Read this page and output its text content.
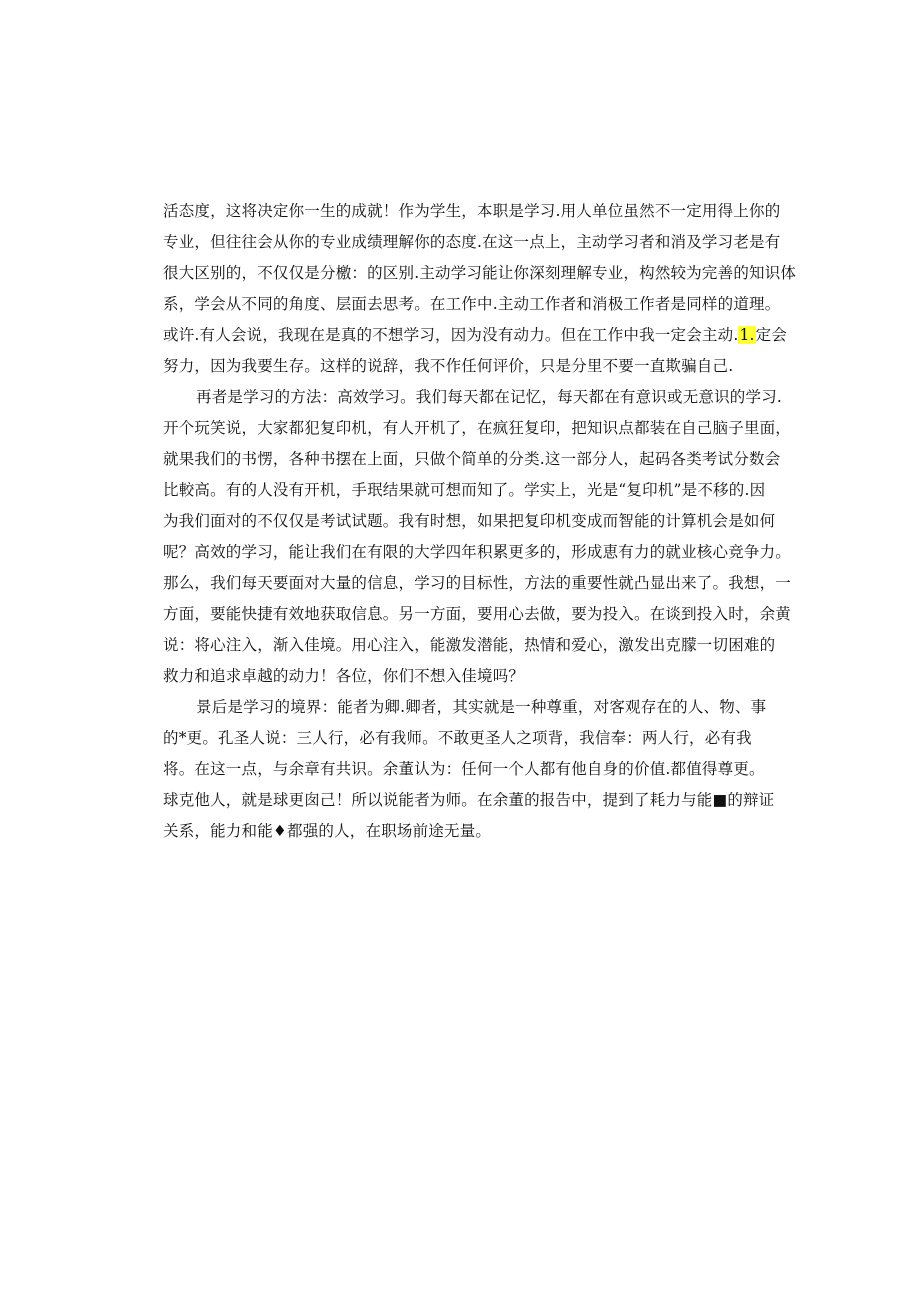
活态度，这将决定你一生的成就！作为学生，本职是学习.用人单位虽然不一定用得上你的
专业，但往往会从你的专业成绩理解你的态度.在这一点上，主动学习者和消及学习老是有
很大区别的，不仅仅是分檄：的区别.主动学习能让你深刻理解专业，构然较为完善的知识体
系，学会从不同的角度、层面去思考。在工作中.主动工作者和消极工作者是同样的道理。
或许.有人会说，我现在是真的不想学习，因为没有动力。但在工作中我一定会主动.1.定会
努力，因为我要生存。这样的说辞，我不作任何评价，只是分里不要一直欺骗自己.
再者是学习的方法：高效学习。我们每天都在记忆，每天都在有意识或无意识的学习.
开个玩笑说，大家都犯复印机，有人开机了，在疯狂复印，把知识点都装在自己脑子里面，
就果我们的书愣，各种书摆在上面，只做个简单的分类.这一部分人，起码各类考试分数会
比較高。有的人没有开机，手珉结果就可想而知了。学实上，光是“复印机”是不移的.因
为我们面对的不仅仅是考试试题。我有时想，如果把复印机变成而智能的计算机会是如何
呢？高效的学习，能让我们在有限的大学四年积累更多的，形成恵有力的就业核心竞争力。
那么，我们每天要面对大量的信息，学习的目标性，方法的重要性就凸显出来了。我想，一
方面，要能快捷有效地获取信息。另一方面，要用心去做，要为投入。在谈到投入时，余黄
说：将心注入，渐入佳境。用心注入，能激发潜能，热情和爱心，激发出克朦一切困难的
救力和追求卓越的动力！各位，你们不想入佳境吗？
景后是学习的境界：能者为卿.卿者，其实就是一种尊重，对客观存在的人、物、事
的*更。孔圣人说：三人行，必有我师。不敢更圣人之项背，我信奉：两人行，必有我
将。在这一点，与余章有共识。余董认为：任何一个人都有他自身的价值.都值得尊更。
球克他人，就是球更囱己！所以说能者为师。在余董的报告中，提到了耗力与能■的辩证
关系，能力和能♦都强的人，在职场前途无量。
